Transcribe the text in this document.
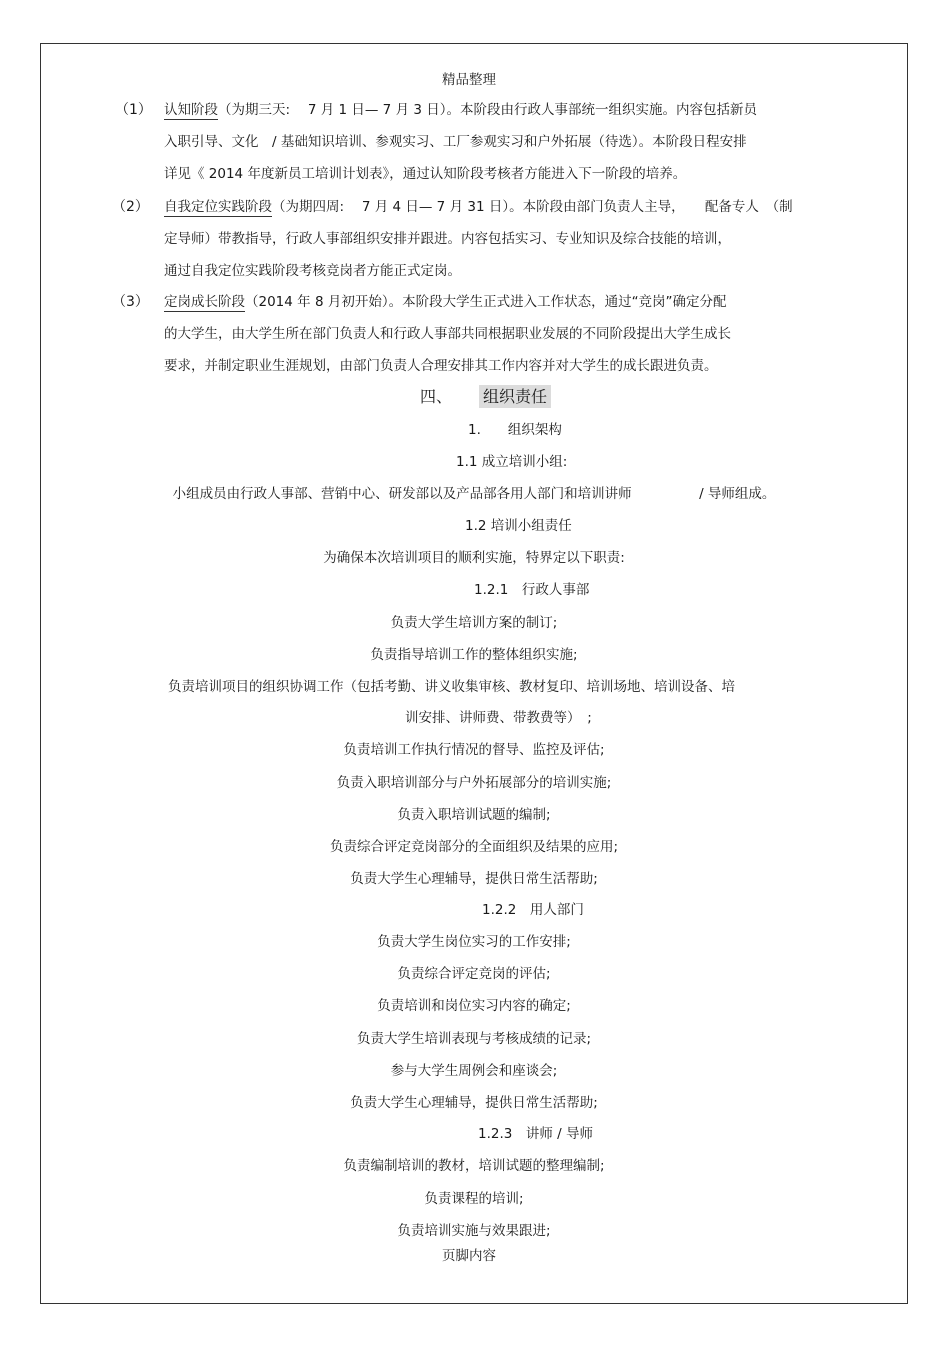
精品整理
（1） 认知阶段（为期三天:　 7 月 1 日— 7 月 3 日）。本阶段由行政人事部统一组织实施。内容包括新员
入职引导、文化　/ 基础知识培训、参观实习、工厂参观实习和户外拓展（待选）。本阶段日程安排
详见《 2014 年度新员工培训计划表》，通过认知阶段考核者方能进入下一阶段的培养。
（2） 自我定位实践阶段（为期四周:　 7 月 4 日— 7 月 31 日）。本阶段由部门负责人主导，　　配备专人　（制
定导师）带教指导，行政人事部组织安排并跟进。内容包括实习、专业知识及综合技能的培训，
通过自我定位实践阶段考核竞岗者方能正式定岗。
（3） 定岗成长阶段（2014 年 8 月初开始）。本阶段大学生正式进入工作状态，通过“竞岗”确定分配
的大学生，由大学生所在部门负责人和行政人事部共同根据职业发展的不同阶段提出大学生成长
要求，并制定职业生涯规划，由部门负责人合理安排其工作内容并对大学生的成长跟进负责。
四、 组织责任
1.　　组织架构
1.1 成立培训小组:
小组成员由行政人事部、营销中心、研发部以及产品部各用人部门和培训讲师　　　　　/ 导师组成。
1.2 培训小组责任
为确保本次培训项目的顺利实施，特界定以下职责:
1.2.1　行政人事部
负责大学生培训方案的制订;
负责指导培训工作的整体组织实施;
负责培训项目的组织协调工作（包括考勤、讲义收集审核、教材复印、培训场地、培训设备、培
训安排、讲师费、带教费等）　;
负责培训工作执行情况的督导、监控及评估;
负责入职培训部分与户外拓展部分的培训实施;
负责入职培训试题的编制;
负责综合评定竞岗部分的全面组织及结果的应用;
负责大学生心理辅导，提供日常生活帮助;
1.2.2　用人部门
负责大学生岗位实习的工作安排;
负责综合评定竞岗的评估;
负责培训和岗位实习内容的确定;
负责大学生培训表现与考核成绩的记录;
参与大学生周例会和座谈会;
负责大学生心理辅导，提供日常生活帮助;
1.2.3　讲师 / 导师
负责编制培训的教材，培训试题的整理编制;
负责课程的培训;
负责培训实施与效果跟进;
页脚内容
